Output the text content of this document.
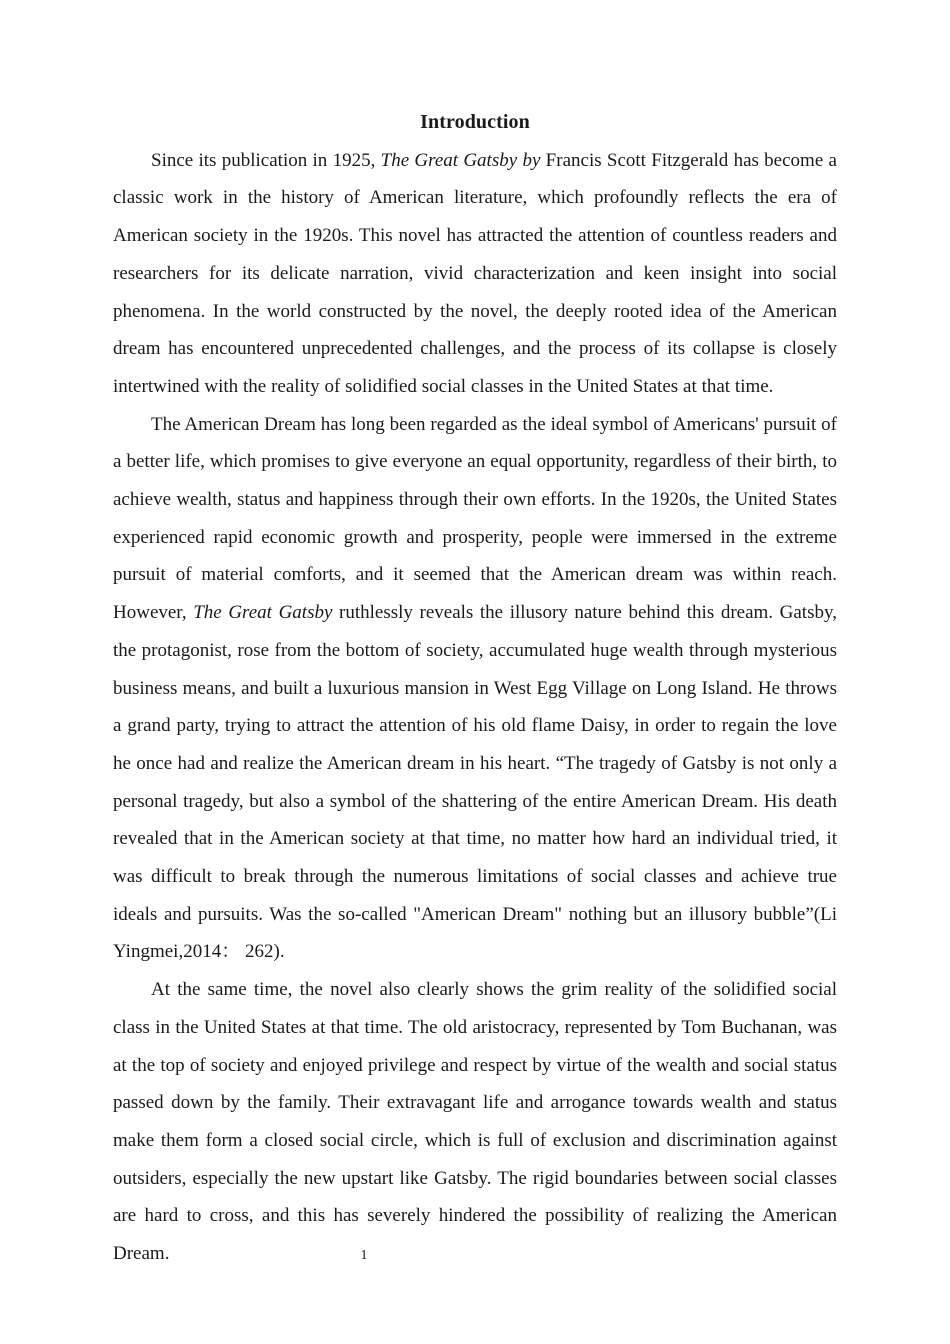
Introduction

Since its publication in 1925, The Great Gatsby by Francis Scott Fitzgerald has become a classic work in the history of American literature, which profoundly reflects the era of American society in the 1920s. This novel has attracted the attention of countless readers and researchers for its delicate narration, vivid characterization and keen insight into social phenomena. In the world constructed by the novel, the deeply rooted idea of the American dream has encountered unprecedented challenges, and the process of its collapse is closely intertwined with the reality of solidified social classes in the United States at that time.

The American Dream has long been regarded as the ideal symbol of Americans' pursuit of a better life, which promises to give everyone an equal opportunity, regardless of their birth, to achieve wealth, status and happiness through their own efforts. In the 1920s, the United States experienced rapid economic growth and prosperity, people were immersed in the extreme pursuit of material comforts, and it seemed that the American dream was within reach. However, The Great Gatsby ruthlessly reveals the illusory nature behind this dream. Gatsby, the protagonist, rose from the bottom of society, accumulated huge wealth through mysterious business means, and built a luxurious mansion in West Egg Village on Long Island. He throws a grand party, trying to attract the attention of his old flame Daisy, in order to regain the love he once had and realize the American dream in his heart. “The tragedy of Gatsby is not only a personal tragedy, but also a symbol of the shattering of the entire American Dream. His death revealed that in the American society at that time, no matter how hard an individual tried, it was difficult to break through the numerous limitations of social classes and achieve true ideals and pursuits. Was the so-called "American Dream" nothing but an illusory bubble”(Li Yingmei,2014： 262).

At the same time, the novel also clearly shows the grim reality of the solidified social class in the United States at that time. The old aristocracy, represented by Tom Buchanan, was at the top of society and enjoyed privilege and respect by virtue of the wealth and social status passed down by the family. Their extravagant life and arrogance towards wealth and status make them form a closed social circle, which is full of exclusion and discrimination against outsiders, especially the new upstart like Gatsby. The rigid boundaries between social classes are hard to cross, and this has severely hindered the possibility of realizing the American Dream.	1
